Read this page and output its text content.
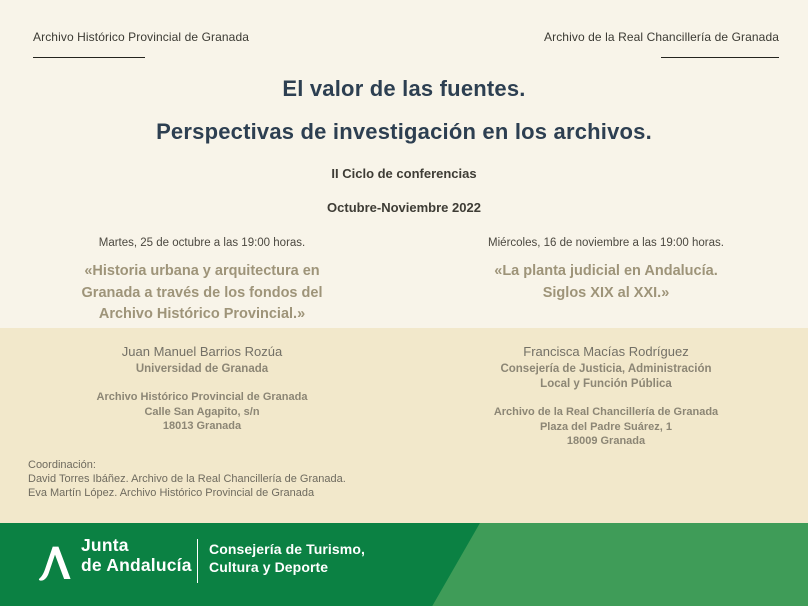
Archivo Histórico Provincial de Granada	Archivo de la Real Chancillería de Granada
El valor de las fuentes.
Perspectivas de investigación en los archivos.
II Ciclo de conferencias
Octubre-Noviembre 2022
Martes, 25 de octubre a las 19:00 horas.
«Historia urbana y arquitectura en
Granada a través de los fondos del
Archivo Histórico Provincial.»
Miércoles, 16 de noviembre a las 19:00 horas.
«La planta judicial en Andalucía.
Siglos XIX al XXI.»
Juan Manuel Barrios Rozúa
Universidad de Granada
Archivo Histórico Provincial de Granada
Calle San Agapito, s/n
18013 Granada
Francisca Macías Rodríguez
Consejería de Justicia, Administración
Local y Función Pública
Archivo de la Real Chancillería de Granada
Plaza del Padre Suárez, 1
18009 Granada
Coordinación:
David Torres Ibáñez. Archivo de la Real Chancillería de Granada.
Eva Martín López. Archivo Histórico Provincial de Granada
Junta
de Andalucía
Consejería de Turismo,
Cultura y Deporte
